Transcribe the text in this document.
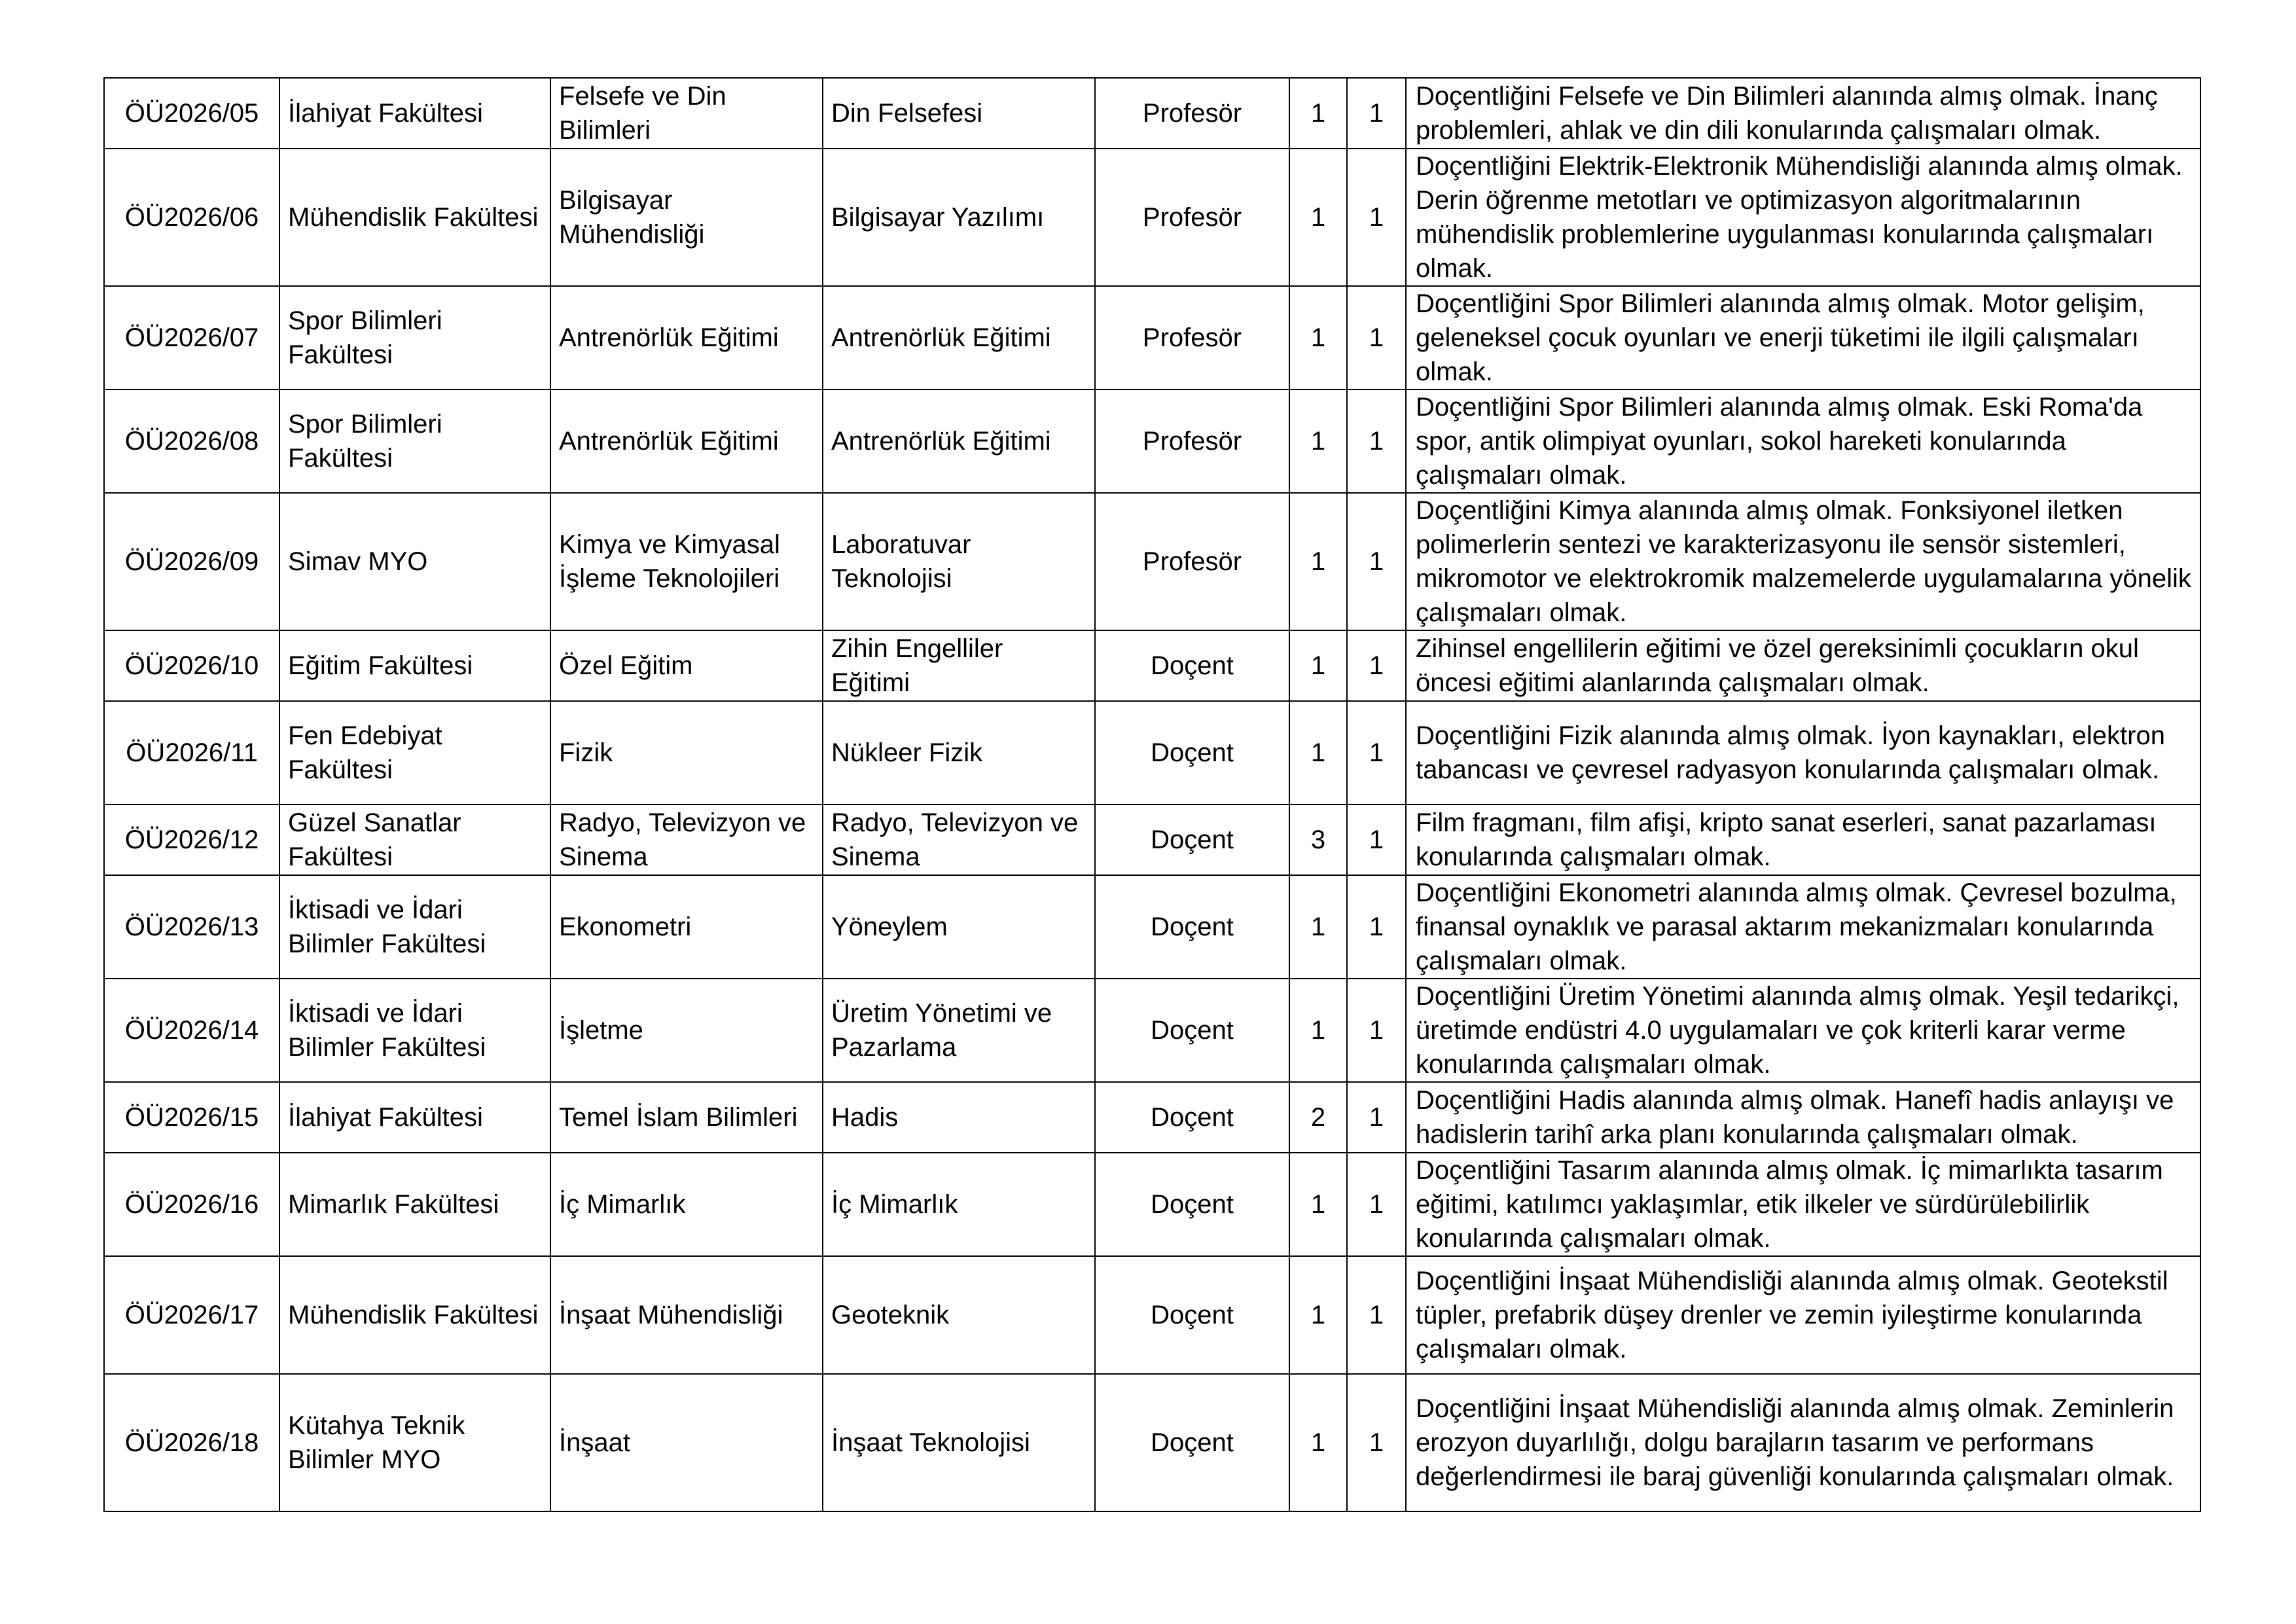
ÖÜ2026/05	İlahiyat Fakültesi	Felsefe ve Din Bilimleri	Din Felsefesi	Profesör	1	1	Doçentliğini Felsefe ve Din Bilimleri alanında almış olmak. İnanç problemleri, ahlak ve din dili konularında çalışmaları olmak.
ÖÜ2026/06	Mühendislik Fakültesi	Bilgisayar Mühendisliği	Bilgisayar Yazılımı	Profesör	1	1	Doçentliğini Elektrik-Elektronik Mühendisliği alanında almış olmak. Derin öğrenme metotları ve optimizasyon algoritmalarının mühendislik problemlerine uygulanması konularında çalışmaları olmak.
ÖÜ2026/07	Spor Bilimleri Fakültesi	Antrenörlük Eğitimi	Antrenörlük Eğitimi	Profesör	1	1	Doçentliğini Spor Bilimleri alanında almış olmak. Motor gelişim, geleneksel çocuk oyunları ve enerji tüketimi ile ilgili çalışmaları olmak.
ÖÜ2026/08	Spor Bilimleri Fakültesi	Antrenörlük Eğitimi	Antrenörlük Eğitimi	Profesör	1	1	Doçentliğini Spor Bilimleri alanında almış olmak. Eski Roma'da spor, antik olimpiyat oyunları, sokol hareketi konularında çalışmaları olmak.
ÖÜ2026/09	Simav MYO	Kimya ve Kimyasal İşleme Teknolojileri	Laboratuvar Teknolojisi	Profesör	1	1	Doçentliğini Kimya alanında almış olmak. Fonksiyonel iletken polimerlerin sentezi ve karakterizasyonu ile sensör sistemleri, mikromotor ve elektrokromik malzemelerde uygulamalarına yönelik çalışmaları olmak.
ÖÜ2026/10	Eğitim Fakültesi	Özel Eğitim	Zihin Engelliler Eğitimi	Doçent	1	1	Zihinsel engellilerin eğitimi ve özel gereksinimli çocukların okul öncesi eğitimi alanlarında çalışmaları olmak.
ÖÜ2026/11	Fen Edebiyat Fakültesi	Fizik	Nükleer Fizik	Doçent	1	1	Doçentliğini Fizik alanında almış olmak. İyon kaynakları, elektron tabancası ve çevresel radyasyon konularında çalışmaları olmak.
ÖÜ2026/12	Güzel Sanatlar Fakültesi	Radyo, Televizyon ve Sinema	Radyo, Televizyon ve Sinema	Doçent	3	1	Film fragmanı, film afişi, kripto sanat eserleri, sanat pazarlaması konularında çalışmaları olmak.
ÖÜ2026/13	İktisadi ve İdari Bilimler Fakültesi	Ekonometri	Yöneylem	Doçent	1	1	Doçentliğini Ekonometri alanında almış olmak. Çevresel bozulma, finansal oynaklık ve parasal aktarım mekanizmaları konularında çalışmaları olmak.
ÖÜ2026/14	İktisadi ve İdari Bilimler Fakültesi	İşletme	Üretim Yönetimi ve Pazarlama	Doçent	1	1	Doçentliğini Üretim Yönetimi alanında almış olmak. Yeşil tedarikçi, üretimde endüstri 4.0 uygulamaları ve çok kriterli karar verme konularında çalışmaları olmak.
ÖÜ2026/15	İlahiyat Fakültesi	Temel İslam Bilimleri	Hadis	Doçent	2	1	Doçentliğini Hadis alanında almış olmak. Hanefî hadis anlayışı ve hadislerin tarihî arka planı konularında çalışmaları olmak.
ÖÜ2026/16	Mimarlık Fakültesi	İç Mimarlık	İç Mimarlık	Doçent	1	1	Doçentliğini Tasarım alanında almış olmak. İç mimarlıkta tasarım eğitimi, katılımcı yaklaşımlar, etik ilkeler ve sürdürülebilirlik konularında çalışmaları olmak.
ÖÜ2026/17	Mühendislik Fakültesi	İnşaat Mühendisliği	Geoteknik	Doçent	1	1	Doçentliğini İnşaat Mühendisliği alanında almış olmak. Geotekstil tüpler, prefabrik düşey drenler ve zemin iyileştirme konularında çalışmaları olmak.
ÖÜ2026/18	Kütahya Teknik Bilimler MYO	İnşaat	İnşaat Teknolojisi	Doçent	1	1	Doçentliğini İnşaat Mühendisliği alanında almış olmak. Zeminlerin erozyon duyarlılığı, dolgu barajların tasarım ve performans değerlendirmesi ile baraj güvenliği konularında çalışmaları olmak.
